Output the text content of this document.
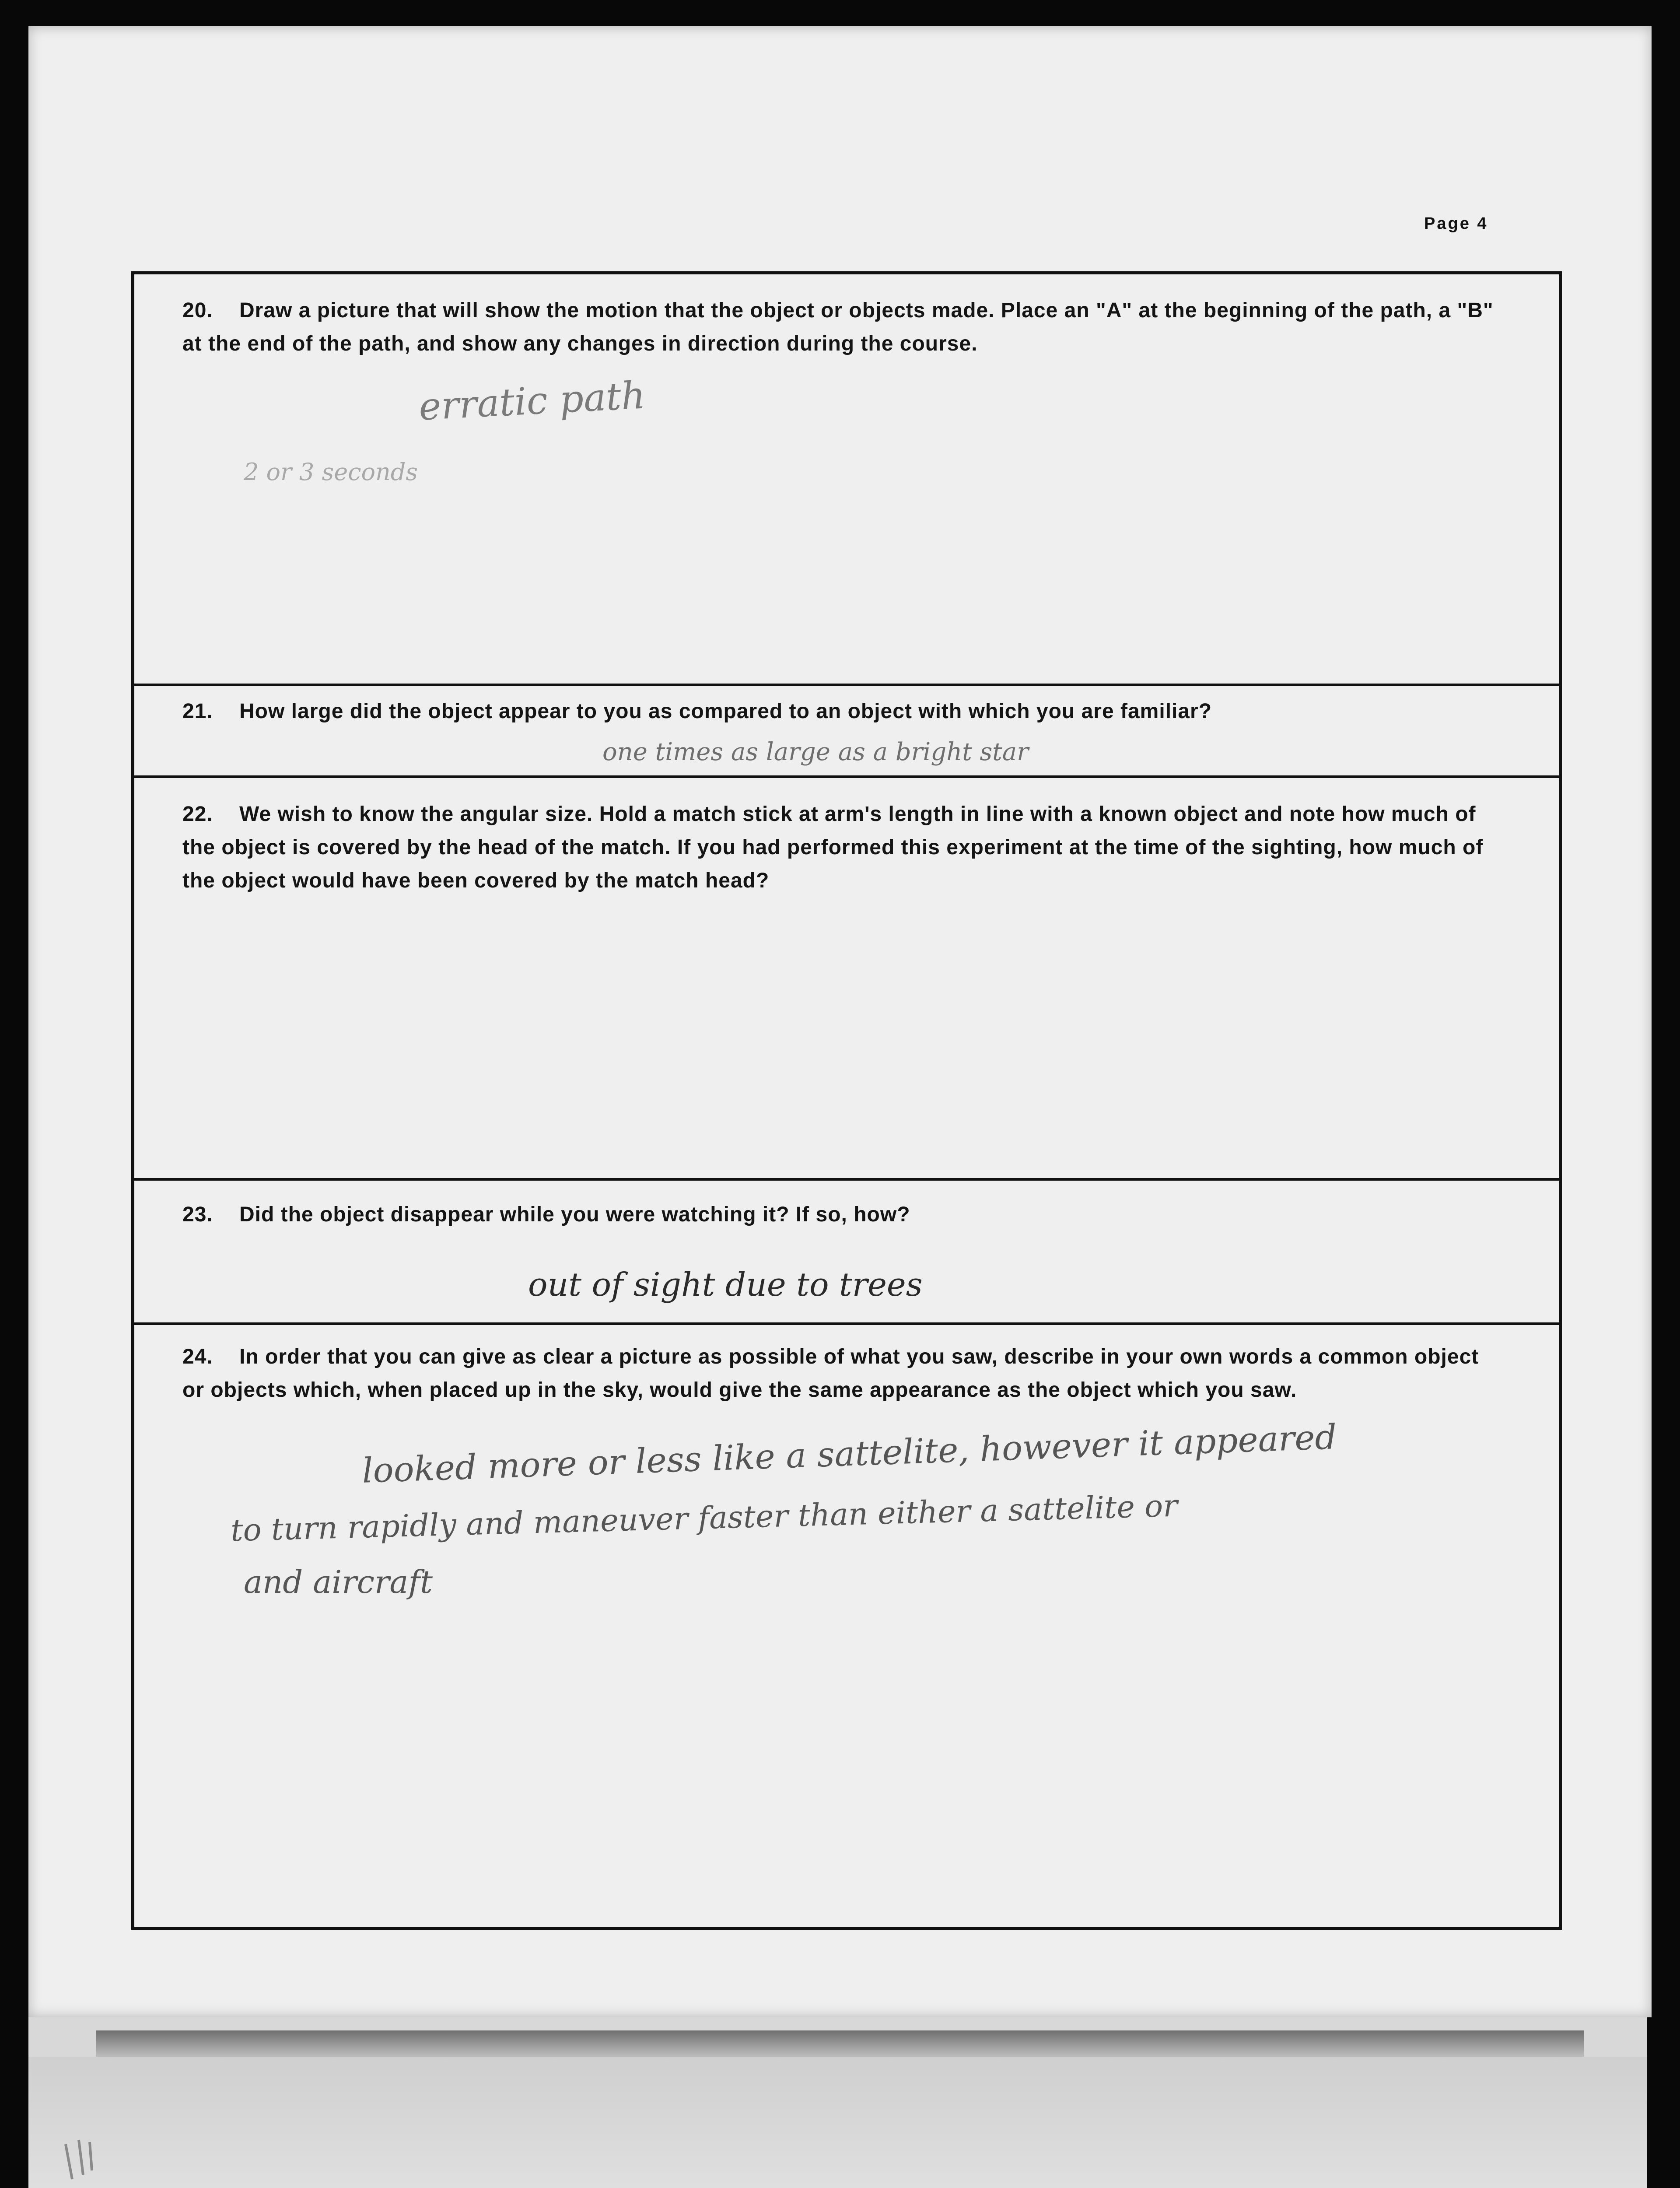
Page 4
20. Draw a picture that will show the motion that the object or objects made. Place an "A" at the beginning of the path, a "B" at the end of the path, and show any changes in direction during the course.
erratic path
2 or 3 seconds
21. How large did the object appear to you as compared to an object with which you are familiar?
one times as large as a bright star
22. We wish to know the angular size. Hold a match stick at arm's length in line with a known object and note how much of the object is covered by the head of the match. If you had performed this experiment at the time of the sighting, how much of the object would have been covered by the match head?
23. Did the object disappear while you were watching it? If so, how?
out of sight due to trees
24. In order that you can give as clear a picture as possible of what you saw, describe in your own words a common object or objects which, when placed up in the sky, would give the same appearance as the object which you saw.
looked more or less like a sattelite, however it appeared
to turn rapidly and maneuver faster than either a sattelite or
and aircraft
